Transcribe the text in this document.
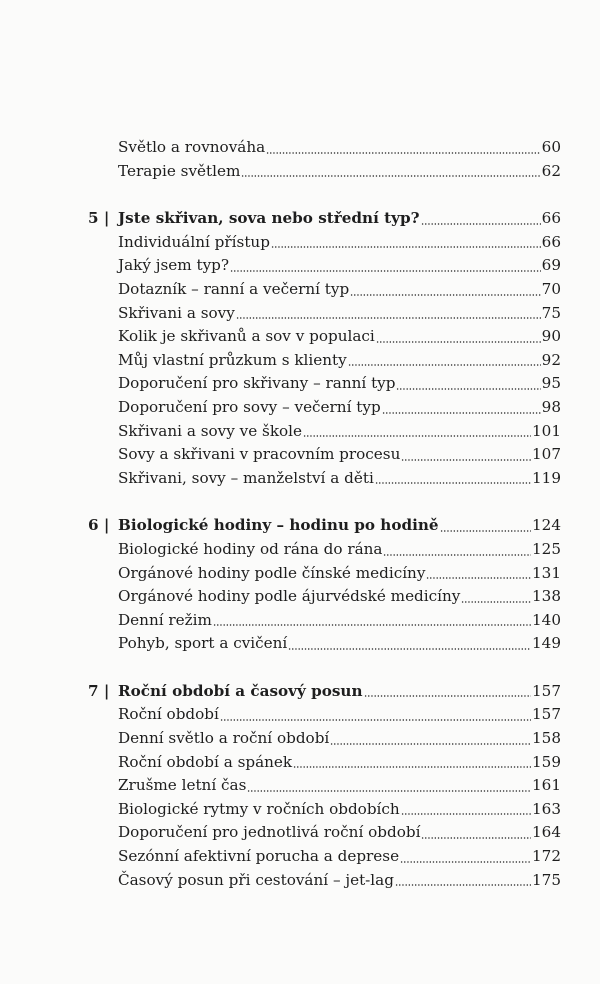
Světlo a rovnováha	60
Terapie světlem	62
5 | Jste skřivan, sova nebo střední typ?	66
Individuální přístup	66
Jaký jsem typ?	69
Dotazník – ranní a večerní typ	70
Skřivani a sovy	75
Kolik je skřivanů a sov v populaci	90
Můj vlastní průzkum s klienty	92
Doporučení pro skřivany – ranní typ	95
Doporučení pro sovy – večerní typ	98
Skřivani a sovy ve škole	101
Sovy a skřivani v pracovním procesu	107
Skřivani, sovy – manželství a děti	119
6 | Biologické hodiny – hodinu po hodině	124
Biologické hodiny od rána do rána	125
Orgánové hodiny podle čínské medicíny	131
Orgánové hodiny podle ájurvédské medicíny	138
Denní režim	140
Pohyb, sport a cvičení	149
7 | Roční období a časový posun	157
Roční období	157
Denní světlo a roční období	158
Roční období a spánek	159
Zrušme letní čas	161
Biologické rytmy v ročních obdobích	163
Doporučení pro jednotlivá roční období	164
Sezónní afektivní porucha a deprese	172
Časový posun při cestování – jet-lag	175
